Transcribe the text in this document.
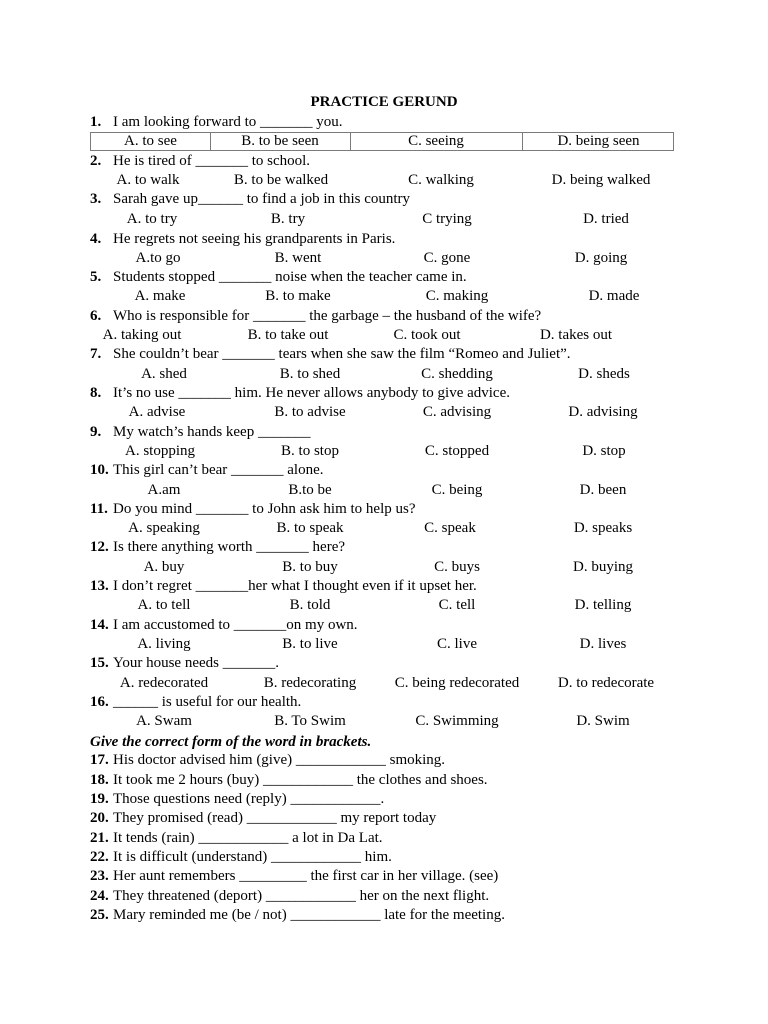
PRACTICE GERUND
1. I am looking forward to _______ you.
A. to see	B. to be seen	C. seeing	D. being seen
2. He is tired of _______ to school.
A. to walk	B. to be walked	C. walking	D. being walked
3. Sarah gave up______ to find a job in this country
A. to try	B. try	C trying	D. tried
4. He regrets not seeing his grandparents in Paris.
A.to go	B. went	C. gone	D. going
5. Students stopped _______ noise when the teacher came in.
A. make	B. to make	C. making	D. made
6. Who is responsible for _______ the garbage – the husband of the wife?
A. taking out	B. to take out	C. took out	D. takes out
7. She couldn’t bear _______ tears when she saw the film “Romeo and Juliet”.
A. shed	B. to shed	C. shedding	D. sheds
8. It’s no use _______ him. He never allows anybody to give advice.
A. advise	B. to advise	C. advising	D. advising
9. My watch’s hands keep _______
A. stopping	B. to stop	C. stopped	D. stop
10. This girl can’t bear _______ alone.
A.am	B.to be	C. being	D. been
11. Do you mind _______ to John ask him to help us?
A. speaking	B. to speak	C. speak	D. speaks
12. Is there anything worth _______ here?
A. buy	B. to buy	C. buys	D. buying
13. I don’t regret _______her what I thought even if it upset her.
A. to tell	B. told	C. tell	D. telling
14. I am accustomed to _______on my own.
A. living	B. to live	C. live	D. lives
15. Your house needs _______.
A. redecorated	B. redecorating	C. being redecorated	D. to redecorate
16. ______ is useful for our health.
A. Swam	B. To Swim	C. Swimming	D. Swim
Give the correct form of the word in brackets.
17. His doctor advised him (give) ____________ smoking.
18. It took me 2 hours (buy) ____________ the clothes and shoes.
19. Those questions need (reply) ____________.
20. They promised (read) ____________ my report today
21. It tends (rain) ____________ a lot in Da Lat.
22. It is difficult (understand) ____________ him.
23. Her aunt remembers _________ the first car in her village. (see)
24. They threatened (deport) ____________ her on the next flight.
25. Mary reminded me (be / not) ____________ late for the meeting.
